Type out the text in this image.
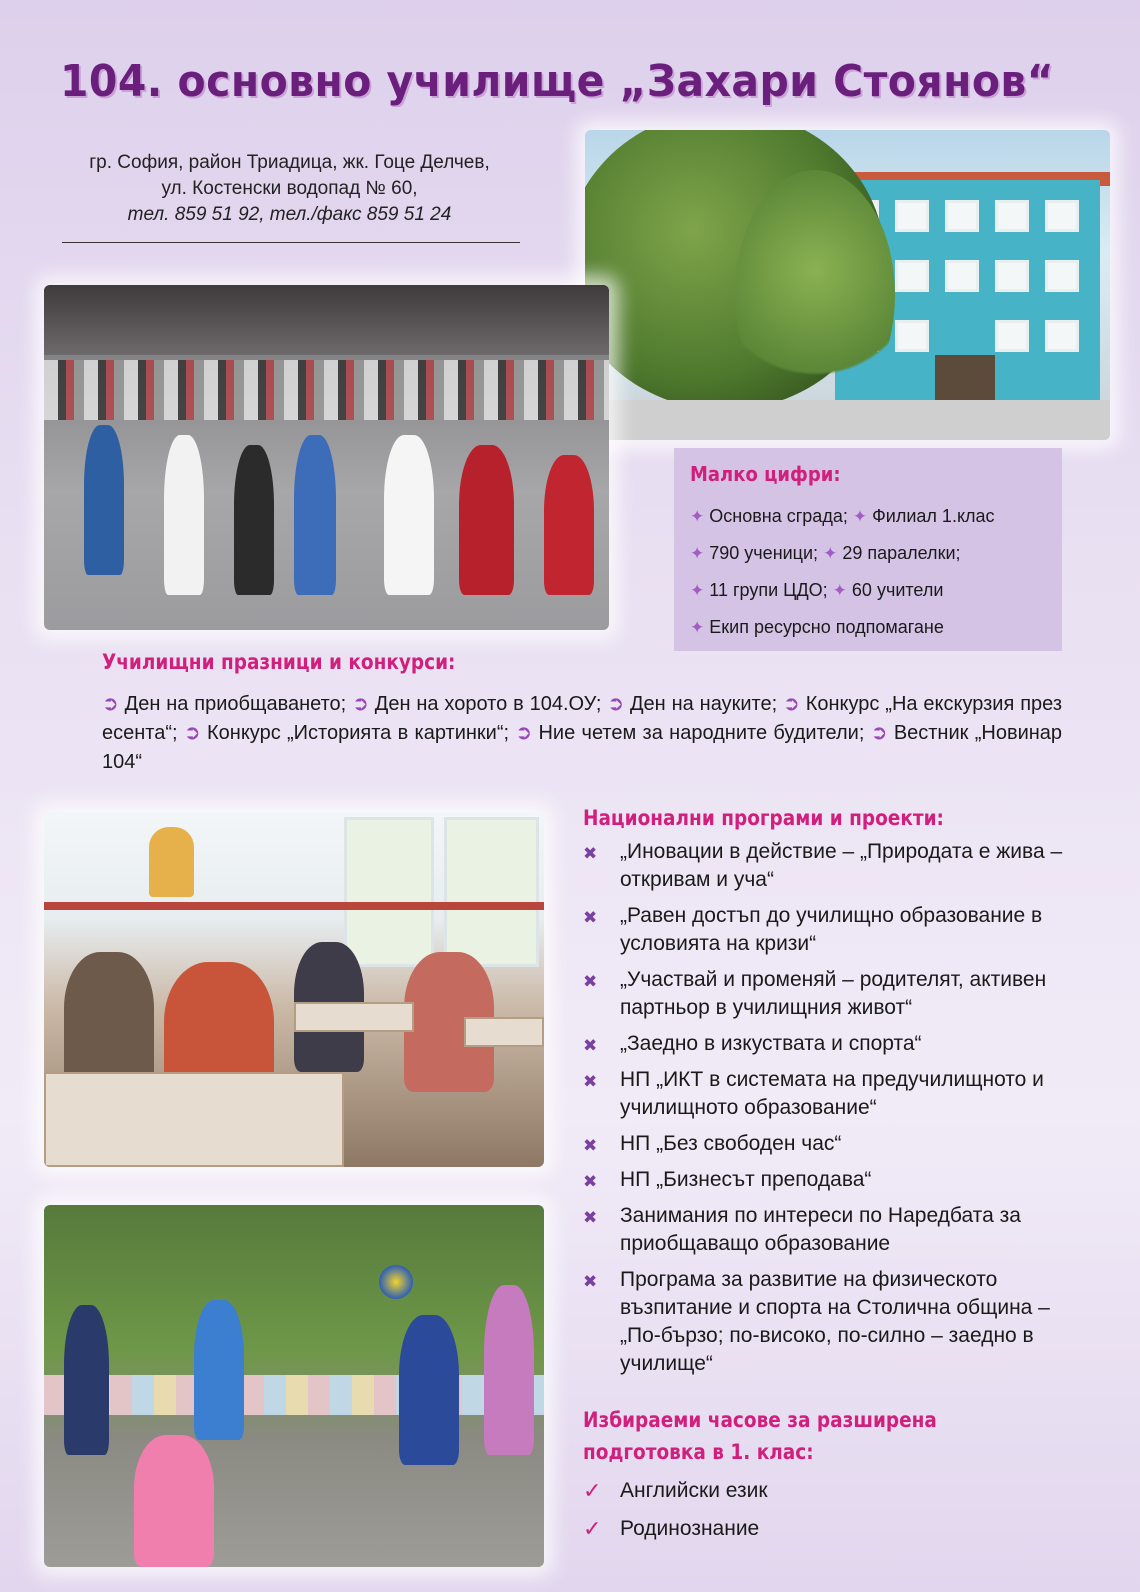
104. основно училище „Захари Стоянов“
гр. София, район Триадица, жк. Гоце Делчев,
ул. Костенски водопад № 60,
тел. 859 51 92, тел./факс 859 51 24
Малко цифри:
✦ Основна сграда; ✦ Филиал 1.клас
✦ 790 ученици; ✦ 29 паралелки;
✦ 11 групи ЦДО; ✦ 60 учители
✦ Екип ресурсно подпомагане
Училищни празници и конкурси:
➲ Ден на приобщаването; ➲ Ден на хорото в 104.ОУ; ➲ Ден на науките; ➲ Конкурс „На екскурзия през есента“; ➲ Конкурс „Историята в картинки“; ➲ Ние четем за народните будители; ➲ Вестник „Новинар 104“
Национални програми и проекти:
✖ „Иновации в действие – „Природата е жива – откривам и уча“
✖ „Равен достъп до училищно образование в условията на кризи“
✖ „Участвай и променяй – родителят, активен партньор в училищния живот“
✖ „Заедно в изкуствата и спорта“
✖ НП „ИКТ в системата на предучилищното и училищното образование“
✖ НП „Без свободен час“
✖ НП „Бизнесът преподава“
✖ Занимания по интереси по Наредбата за приобщаващо образование
✖ Програма за развитие на физическото възпитание и спорта на Столична община – „По-бързо; по-високо, по-силно – заедно в училище“
Избираеми часове за разширена
подготовка в 1. клас:
✓ Английски език
✓ Родинознание
